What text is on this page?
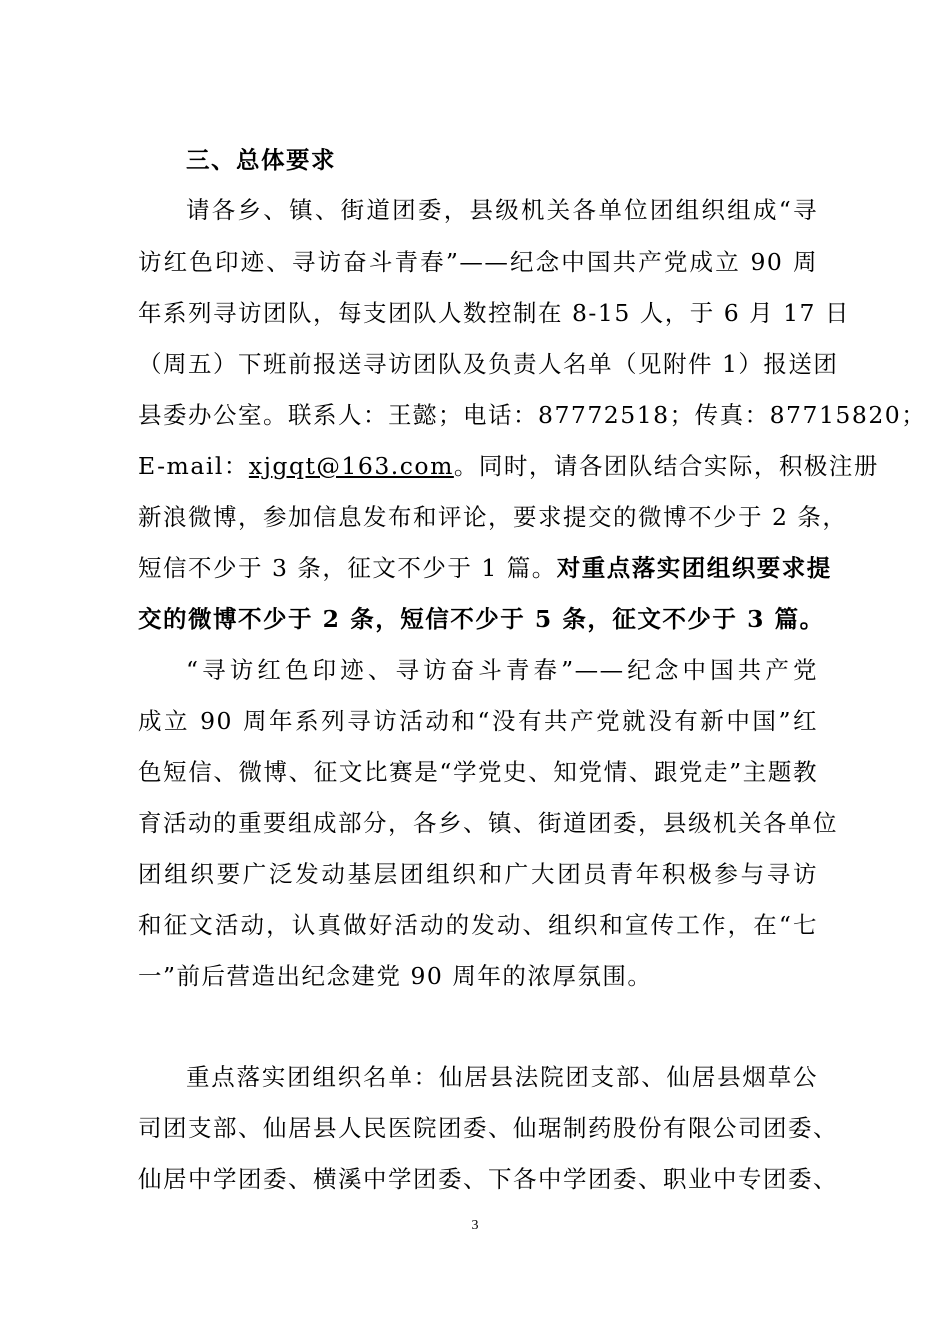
三、总体要求
请各乡、镇、街道团委，县级机关各单位团组织组成“寻
访红色印迹、寻访奋斗青春”——纪念中国共产党成立 90 周
年系列寻访团队，每支团队人数控制在 8-15 人，于 6 月 17 日
（周五）下班前报送寻访团队及负责人名单（见附件 1）报送团
县委办公室。联系人：王懿；电话：87772518；传真：87715820；
E-mail：xjgqt@163.com。同时，请各团队结合实际，积极注册
新浪微博，参加信息发布和评论，要求提交的微博不少于 2 条，
短信不少于 3 条，征文不少于 1 篇。对重点落实团组织要求提
交的微博不少于 2 条，短信不少于 5 条，征文不少于 3 篇。
“寻访红色印迹、寻访奋斗青春”——纪念中国共产党
成立 90 周年系列寻访活动和“没有共产党就没有新中国”红
色短信、微博、征文比赛是“学党史、知党情、跟党走”主题教
育活动的重要组成部分，各乡、镇、街道团委，县级机关各单位
团组织要广泛发动基层团组织和广大团员青年积极参与寻访
和征文活动，认真做好活动的发动、组织和宣传工作，在“七
一”前后营造出纪念建党 90 周年的浓厚氛围。
重点落实团组织名单：仙居县法院团支部、仙居县烟草公
司团支部、仙居县人民医院团委、仙琚制药股份有限公司团委、
仙居中学团委、横溪中学团委、下各中学团委、职业中专团委、
3
